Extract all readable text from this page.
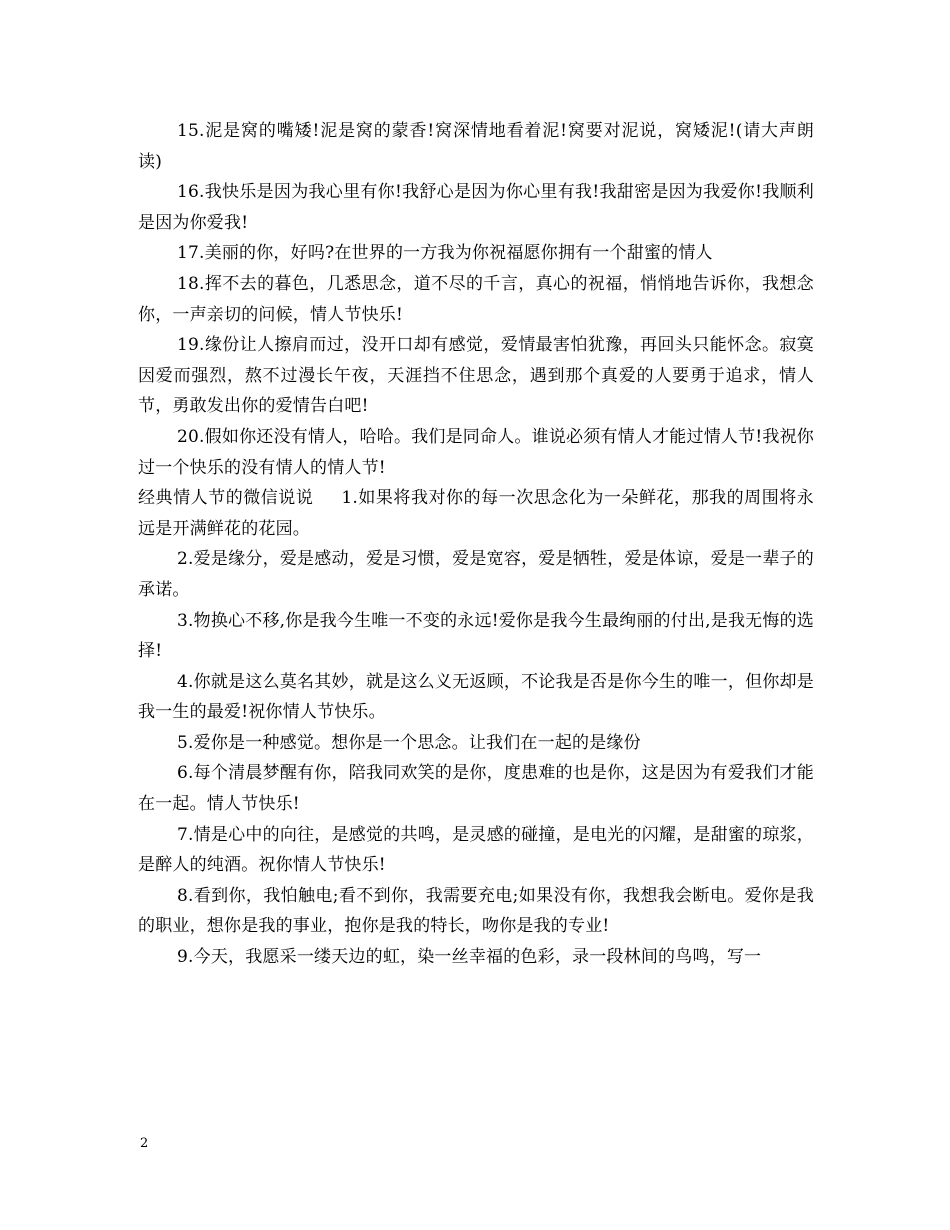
15.泥是窝的嘴矮!泥是窝的蒙香!窝深情地看着泥!窝要对泥说，窝矮泥!(请大声朗读)

16.我快乐是因为我心里有你!我舒心是因为你心里有我!我甜密是因为我爱你!我顺利是因为你爱我!

17.美丽的你，好吗?在世界的一方我为你祝福愿你拥有一个甜蜜的情人

18.挥不去的暮色，几悉思念，道不尽的千言，真心的祝福，悄悄地告诉你，我想念你，一声亲切的问候，情人节快乐!

19.缘份让人擦肩而过，没开口却有感觉，爱情最害怕犹豫，再回头只能怀念。寂寞因爱而强烈，熬不过漫长午夜，天涯挡不住思念，遇到那个真爱的人要勇于追求，情人节，勇敢发出你的爱情告白吧!

20.假如你还没有情人，哈哈。我们是同命人。谁说必须有情人才能过情人节!我祝你过一个快乐的没有情人的情人节!

经典情人节的微信说说 1.如果将我对你的每一次思念化为一朵鲜花，那我的周围将永远是开满鲜花的花园。

2.爱是缘分，爱是感动，爱是习惯，爱是宽容，爱是牺牲，爱是体谅，爱是一辈子的承诺。

3.物换心不移,你是我今生唯一不变的永远!爱你是我今生最绚丽的付出,是我无悔的选择!

4.你就是这么莫名其妙，就是这么义无返顾，不论我是否是你今生的唯一，但你却是我一生的最爱!祝你情人节快乐。

5.爱你是一种感觉。想你是一个思念。让我们在一起的是缘份

6.每个清晨梦醒有你，陪我同欢笑的是你，度患难的也是你，这是因为有爱我们才能在一起。情人节快乐!

7.情是心中的向往，是感觉的共鸣，是灵感的碰撞，是电光的闪耀，是甜蜜的琼浆，是醉人的纯酒。祝你情人节快乐!

8.看到你，我怕触电;看不到你，我需要充电;如果没有你，我想我会断电。爱你是我的职业，想你是我的事业，抱你是我的特长，吻你是我的专业!

9.今天，我愿采一缕天边的虹，染一丝幸福的色彩，录一段林间的鸟鸣，写一

2
